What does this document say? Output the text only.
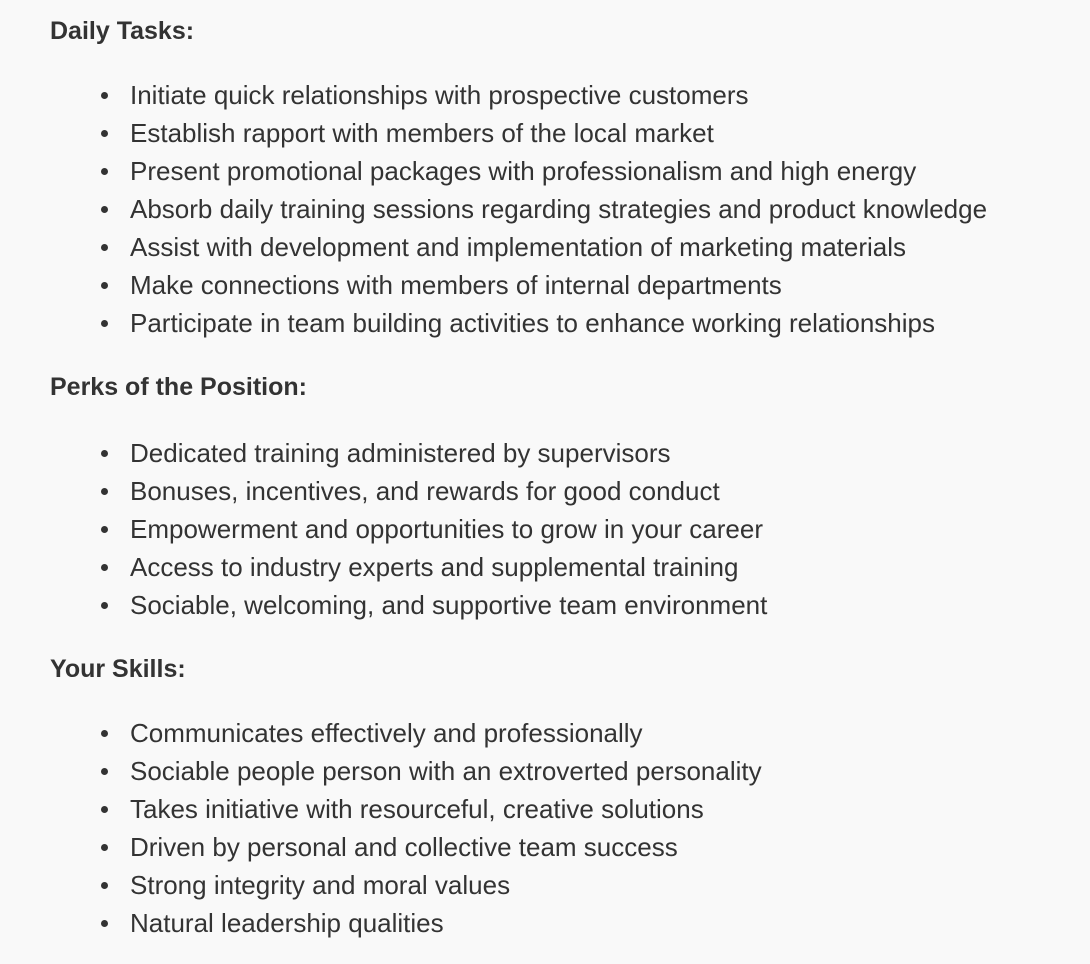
Daily Tasks:
Initiate quick relationships with prospective customers
Establish rapport with members of the local market
Present promotional packages with professionalism and high energy
Absorb daily training sessions regarding strategies and product knowledge
Assist with development and implementation of marketing materials
Make connections with members of internal departments
Participate in team building activities to enhance working relationships
Perks of the Position:
Dedicated training administered by supervisors
Bonuses, incentives, and rewards for good conduct
Empowerment and opportunities to grow in your career
Access to industry experts and supplemental training
Sociable, welcoming, and supportive team environment
Your Skills:
Communicates effectively and professionally
Sociable people person with an extroverted personality
Takes initiative with resourceful, creative solutions
Driven by personal and collective team success
Strong integrity and moral values
Natural leadership qualities
